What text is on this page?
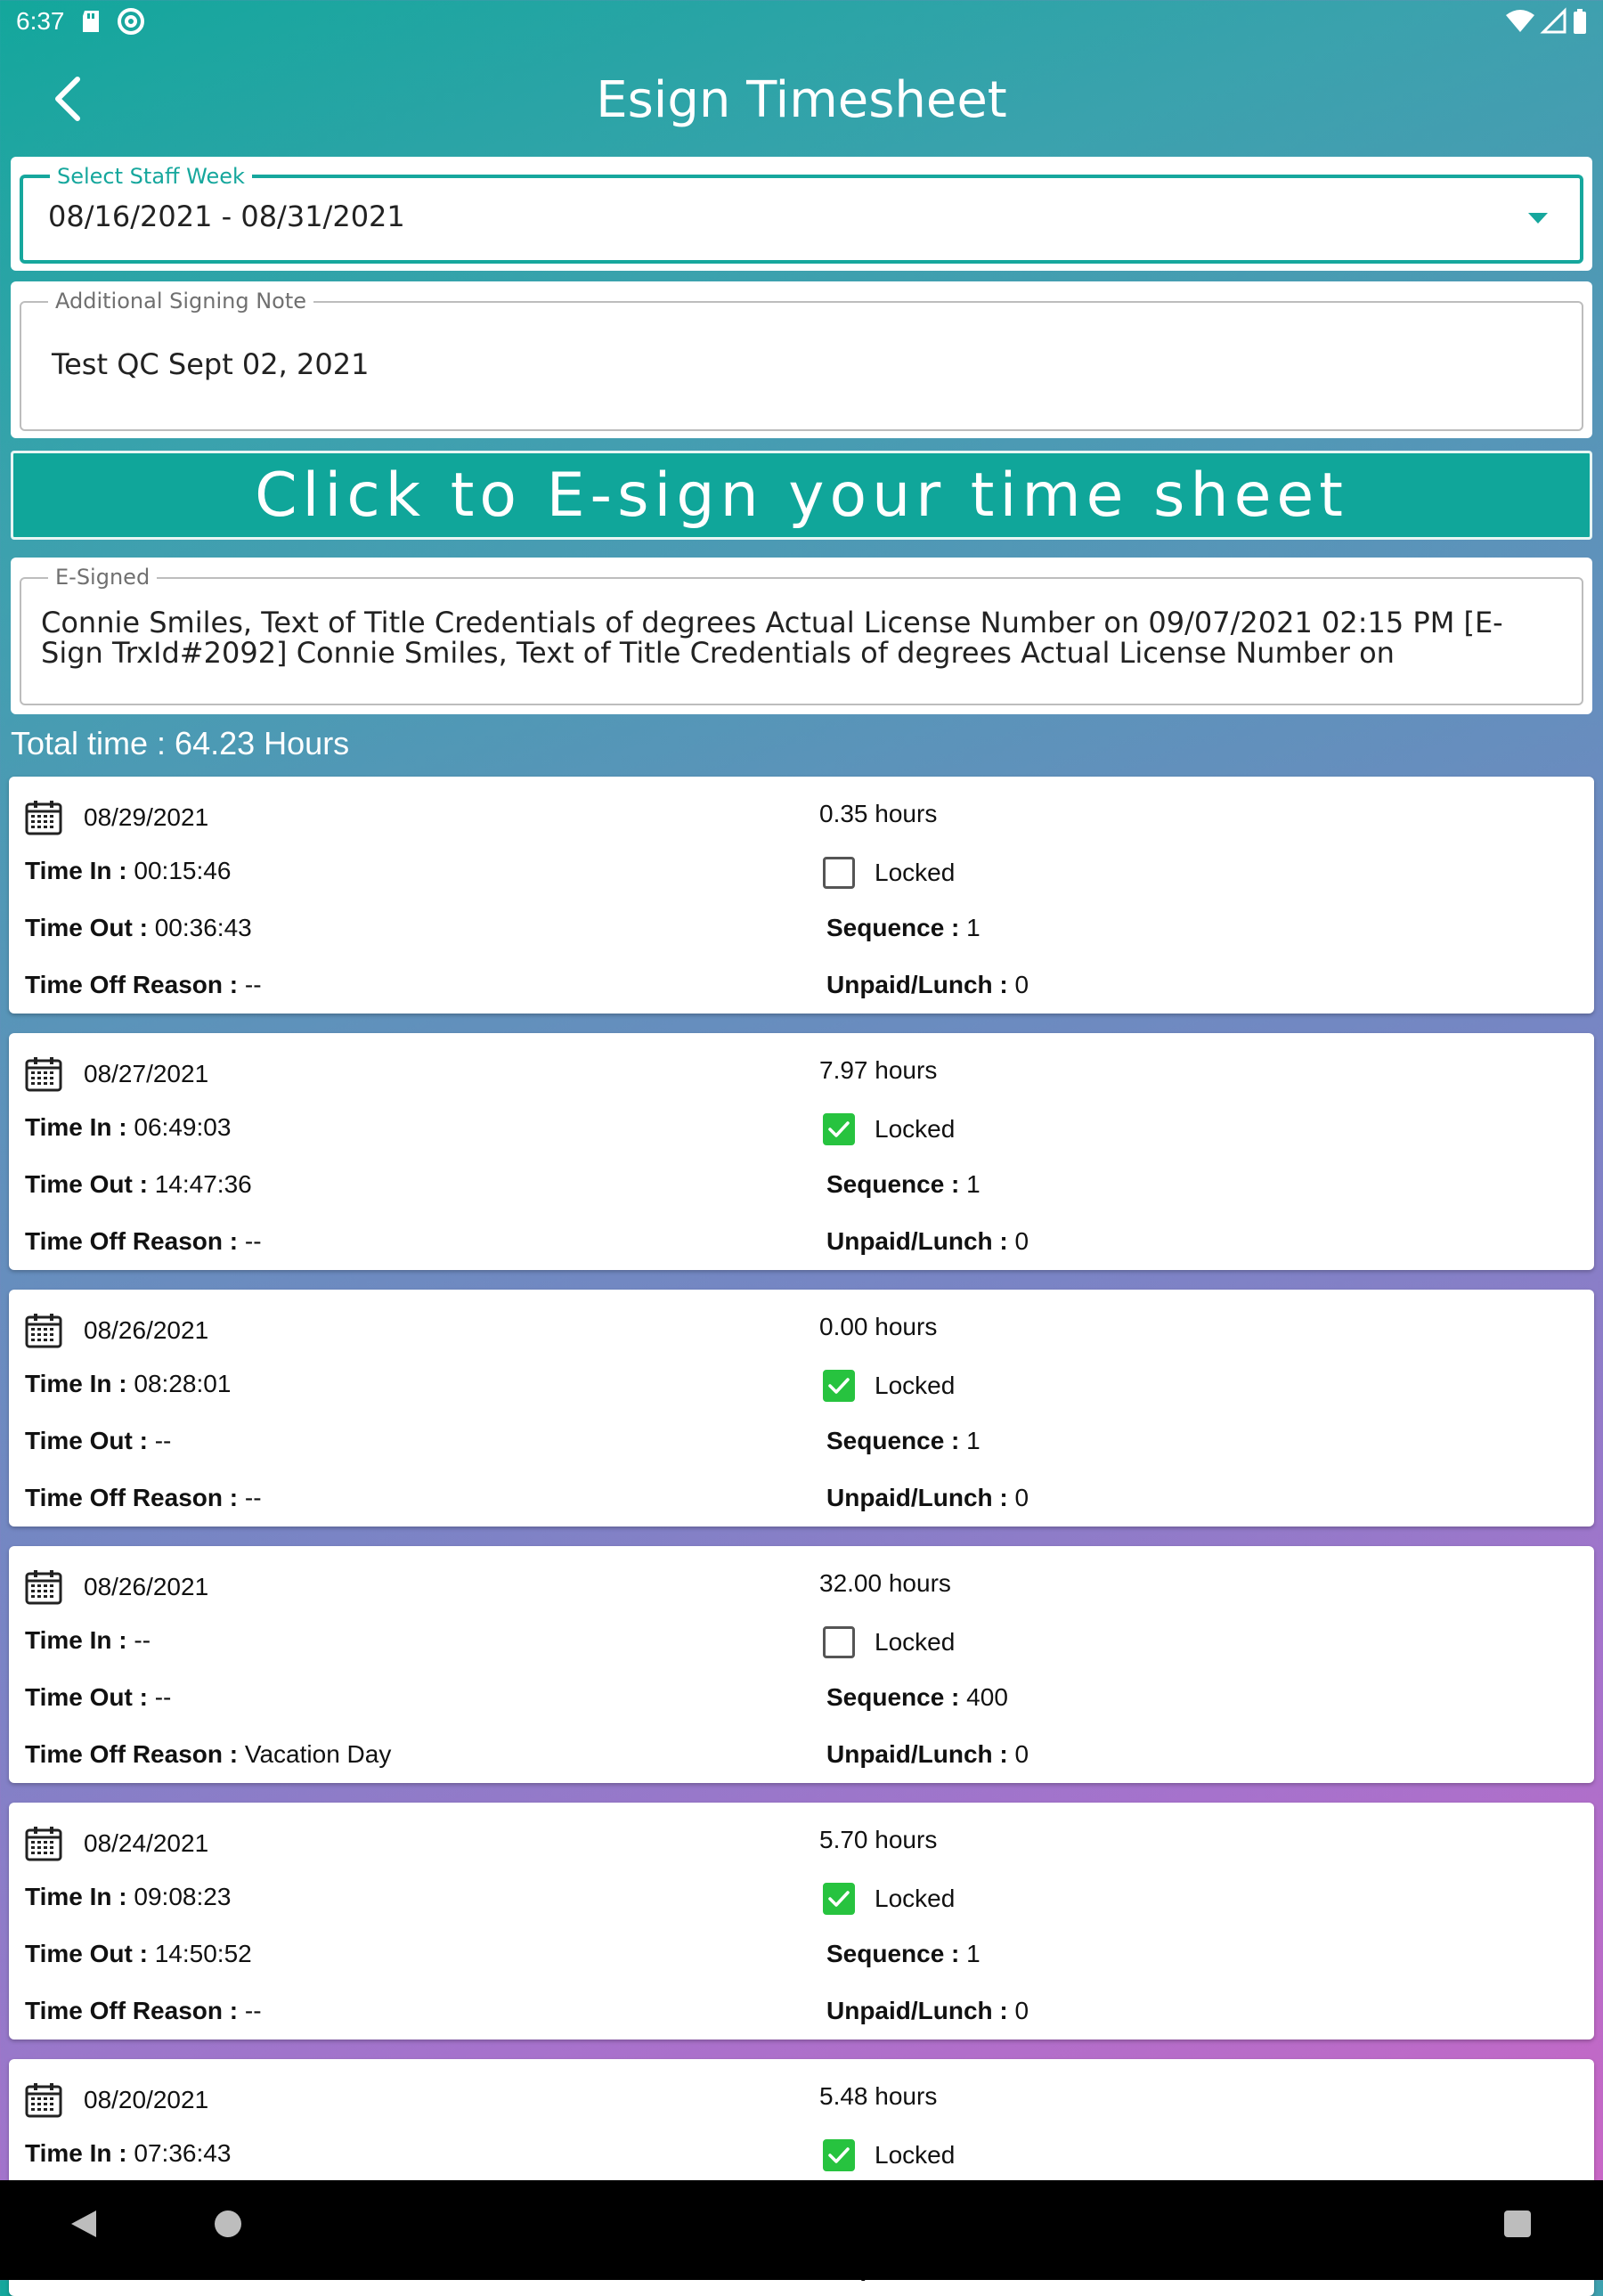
6:37
Esign Timesheet
Select Staff Week
08/16/2021 - 08/31/2021
Additional Signing Note
Test QC Sept 02, 2021
Click to E-sign your time sheet
E-Signed
Connie Smiles, Text of Title Credentials of degrees Actual License Number on 09/07/2021 02:15 PM [E-Sign TrxId#2092] Connie Smiles, Text of Title Credentials of degrees Actual License Number on
Total time : 64.23 Hours
08/29/2021
Time In :
00:15:46
Time Out :
00:36:43
Time Off Reason :
--
0.35 hours
Locked
Sequence :
1
Unpaid/Lunch :
0
08/27/2021
Time In :
06:49:03
Time Out :
14:47:36
Time Off Reason :
--
7.97 hours
Locked
Sequence :
1
Unpaid/Lunch :
0
08/26/2021
Time In :
08:28:01
Time Out :
--
Time Off Reason :
--
0.00 hours
Locked
Sequence :
1
Unpaid/Lunch :
0
08/26/2021
Time In :
--
Time Out :
--
Time Off Reason :
Vacation Day
32.00 hours
Locked
Sequence :
400
Unpaid/Lunch :
0
08/24/2021
Time In :
09:08:23
Time Out :
14:50:52
Time Off Reason :
--
5.70 hours
Locked
Sequence :
1
Unpaid/Lunch :
0
08/20/2021
Time In :
07:36:43

5.48 hours
Locked
